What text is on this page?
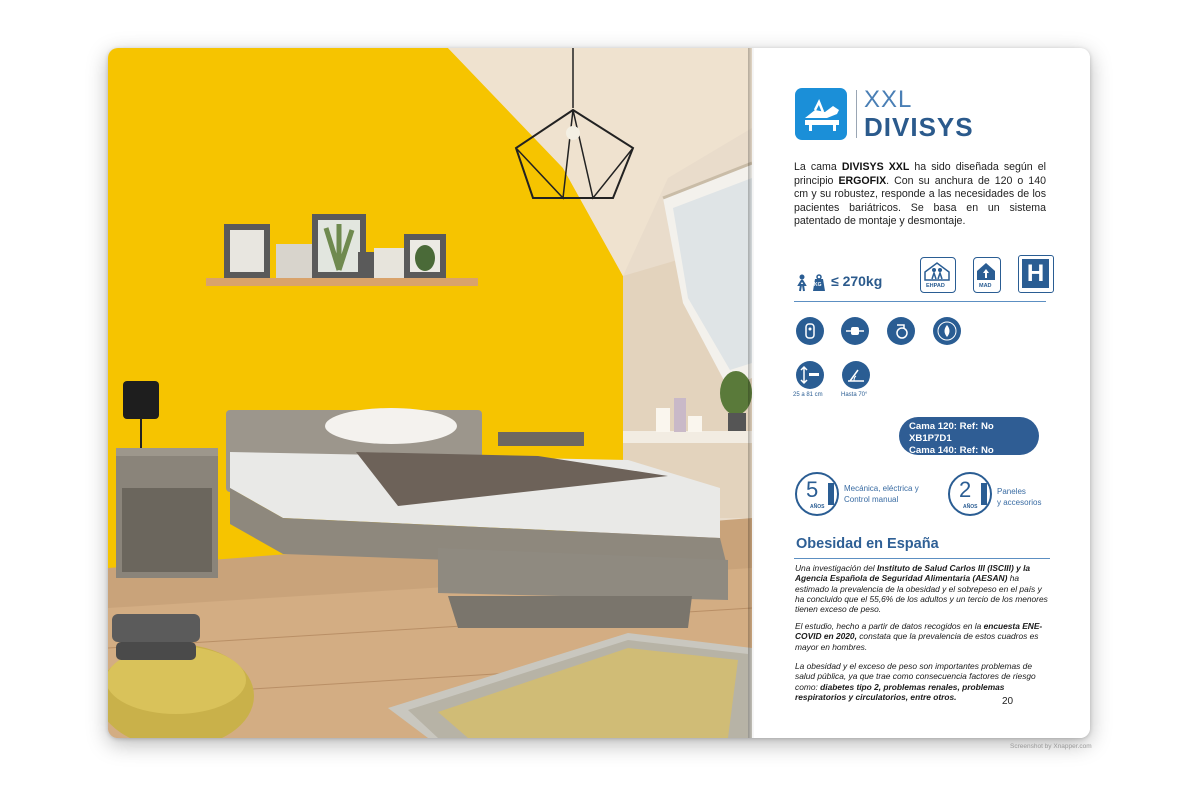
XXL
DIVISYS
La cama DIVISYS XXL ha sido diseñada según el principio ERGOFIX. Con su anchura de 120 o 140 cm y su robustez, responde a las necesidades de los pacientes bariátricos. Se basa en un sistema patentado de montaje y desmontaje.
KG ≤ 270kg	EHPAD	MAD H
25 a 81 cm	Hasta 70°
Cama 120: Ref: No XB1P7D1
Cama 140: Ref: No XB1P8D1
5
AÑOS
Mecánica, eléctrica y
Control manual	2
AÑOS
Paneles
y accesorios
Obesidad en España
Una investigación del Instituto de Salud Carlos III (ISCIII) y la Agencia Española de Seguridad Alimentaria (AESAN) ha estimado la prevalencia de la obesidad y el sobrepeso en el país y ha concluido que el 55,6% de los adultos y un tercio de los menores tienen exceso de peso.
El estudio, hecho a partir de datos recogidos en la encuesta ENE-COVID en 2020, constata que la prevalencia de estos cuadros es mayor en hombres.
La obesidad y el exceso de peso son importantes problemas de salud pública, ya que trae como consecuencia factores de riesgo como: diabetes tipo 2, problemas renales, problemas respiratorios y circulatorios, entre otros.	20
Screenshot by Xnapper.com
